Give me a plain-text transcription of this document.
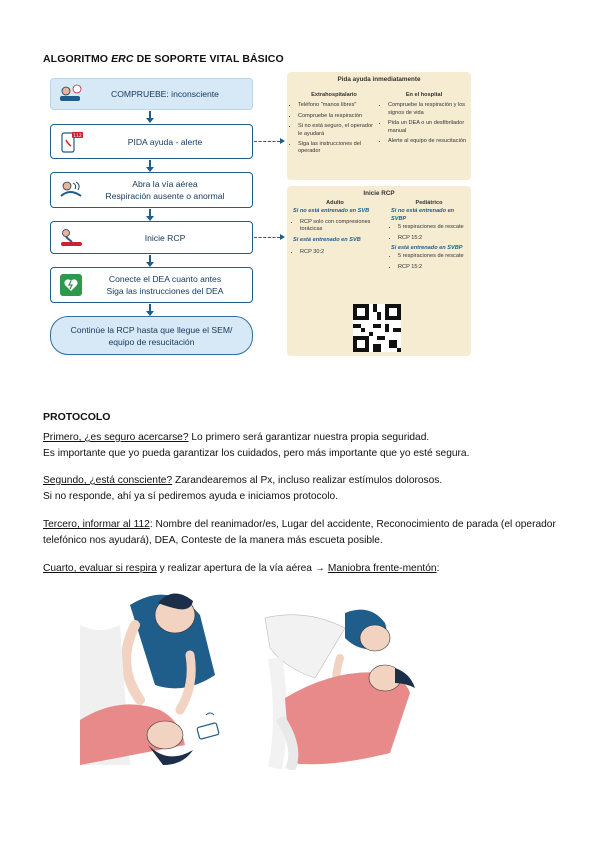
ALGORITMO ERC DE SOPORTE VITAL BÁSICO
COMPRUEBE: inconsciente
112
PIDA ayuda - alerte
Abra la vía aérea
Respiración ausente o anormal
Inicie RCP
Conecte el DEA cuanto antes
Siga las instrucciones del DEA
Continúe la RCP hasta que llegue el SEM/
equipo de resucitación
Pida ayuda inmediatamente
Extrahospitalario
• Teléfono "manos libres"
• Compruebe la respiración
• Si no está seguro, el operador le ayudará
• Siga las instrucciones del operador
En el hospital
• Compruebe la respiración y los signos de vida
• Pida un DEA o un desfibrilador manual
• Alerte al equipo de resucitación
Inicie RCP
Adulto
Si no está entrenado en SVB
• RCP solo con compresiones torácicas
Si está entrenado en SVB
• RCP 30:2
Pediátrico
Si no está entrenado en SVBP
• 5 respiraciones de rescate
• RCP 15:2
Si está entrenado en SVBP
• 5 respiraciones de rescate
• RCP 15:2
PROTOCOLO
Primero, ¿es seguro acercarse? Lo primero será garantizar nuestra propia seguridad.
Es importante que yo pueda garantizar los cuidados, pero más importante que yo esté segura.
Segundo, ¿está consciente? Zarandearemos al Px, incluso realizar estímulos dolorosos.
Si no responde, ahí ya sí pediremos ayuda e iniciamos protocolo.
Tercero, informar al 112: Nombre del reanimador/es, Lugar del accidente, Reconocimiento de parada (el operador telefónico nos ayudará), DEA, Conteste de la manera más escueta posible.
Cuarto, evaluar si respira y realizar apertura de la vía aérea → Maniobra frente-mentón:
